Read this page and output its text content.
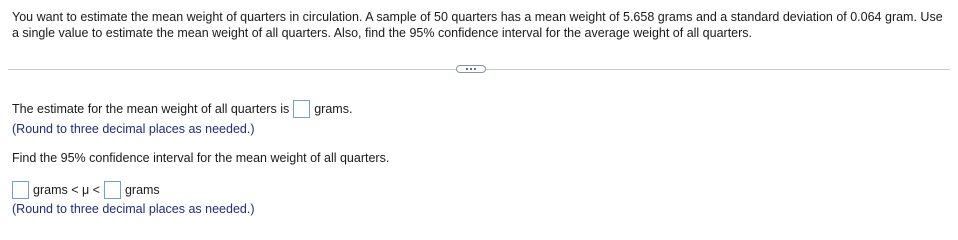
You want to estimate the mean weight of quarters in circulation. A sample of 50 quarters has a mean weight of 5.658 grams and a standard deviation of 0.064 gram. Use a single value to estimate the mean weight of all quarters. Also, find the 95% confidence interval for the average weight of all quarters.

The estimate for the mean weight of all quarters is grams.
(Round to three decimal places as needed.)
Find the 95% confidence interval for the mean weight of all quarters.
grams < μ < grams
(Round to three decimal places as needed.)
